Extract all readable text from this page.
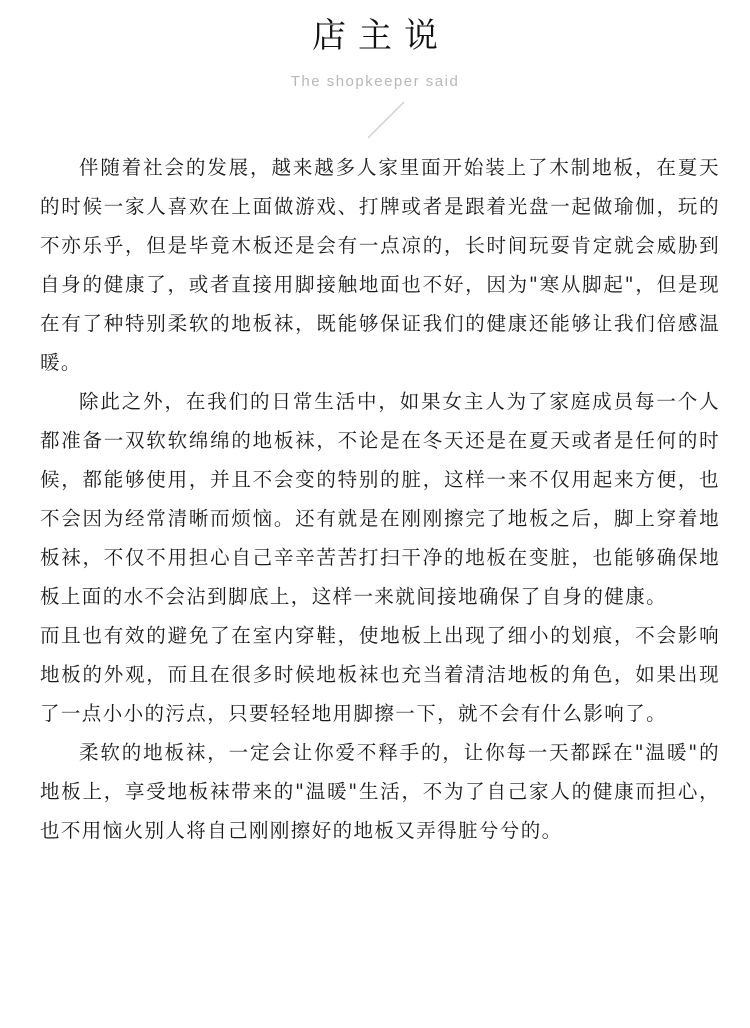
店主说
The shopkeeper said

伴随着社会的发展，越来越多人家里面开始装上了木制地板，在夏天的时候一家人喜欢在上面做游戏、打牌或者是跟着光盘一起做瑜伽，玩的不亦乐乎，但是毕竟木板还是会有一点凉的，长时间玩耍肯定就会威胁到自身的健康了，或者直接用脚接触地面也不好，因为"寒从脚起"，但是现在有了种特别柔软的地板袜，既能够保证我们的健康还能够让我们倍感温暖。

除此之外，在我们的日常生活中，如果女主人为了家庭成员每一个人都准备一双软软绵绵的地板袜，不论是在冬天还是在夏天或者是任何的时候，都能够使用，并且不会变的特别的脏，这样一来不仅用起来方便，也不会因为经常清晰而烦恼。还有就是在刚刚擦完了地板之后，脚上穿着地板袜，不仅不用担心自己辛辛苦苦打扫干净的地板在变脏，也能够确保地板上面的水不会沾到脚底上，这样一来就间接地确保了自身的健康。

而且也有效的避免了在室内穿鞋，使地板上出现了细小的划痕，不会影响地板的外观，而且在很多时候地板袜也充当着清洁地板的角色，如果出现了一点小小的污点，只要轻轻地用脚擦一下，就不会有什么影响了。

柔软的地板袜，一定会让你爱不释手的，让你每一天都踩在"温暖"的地板上，享受地板袜带来的"温暖"生活，不为了自己家人的健康而担心，也不用恼火别人将自己刚刚擦好的地板又弄得脏兮兮的。
